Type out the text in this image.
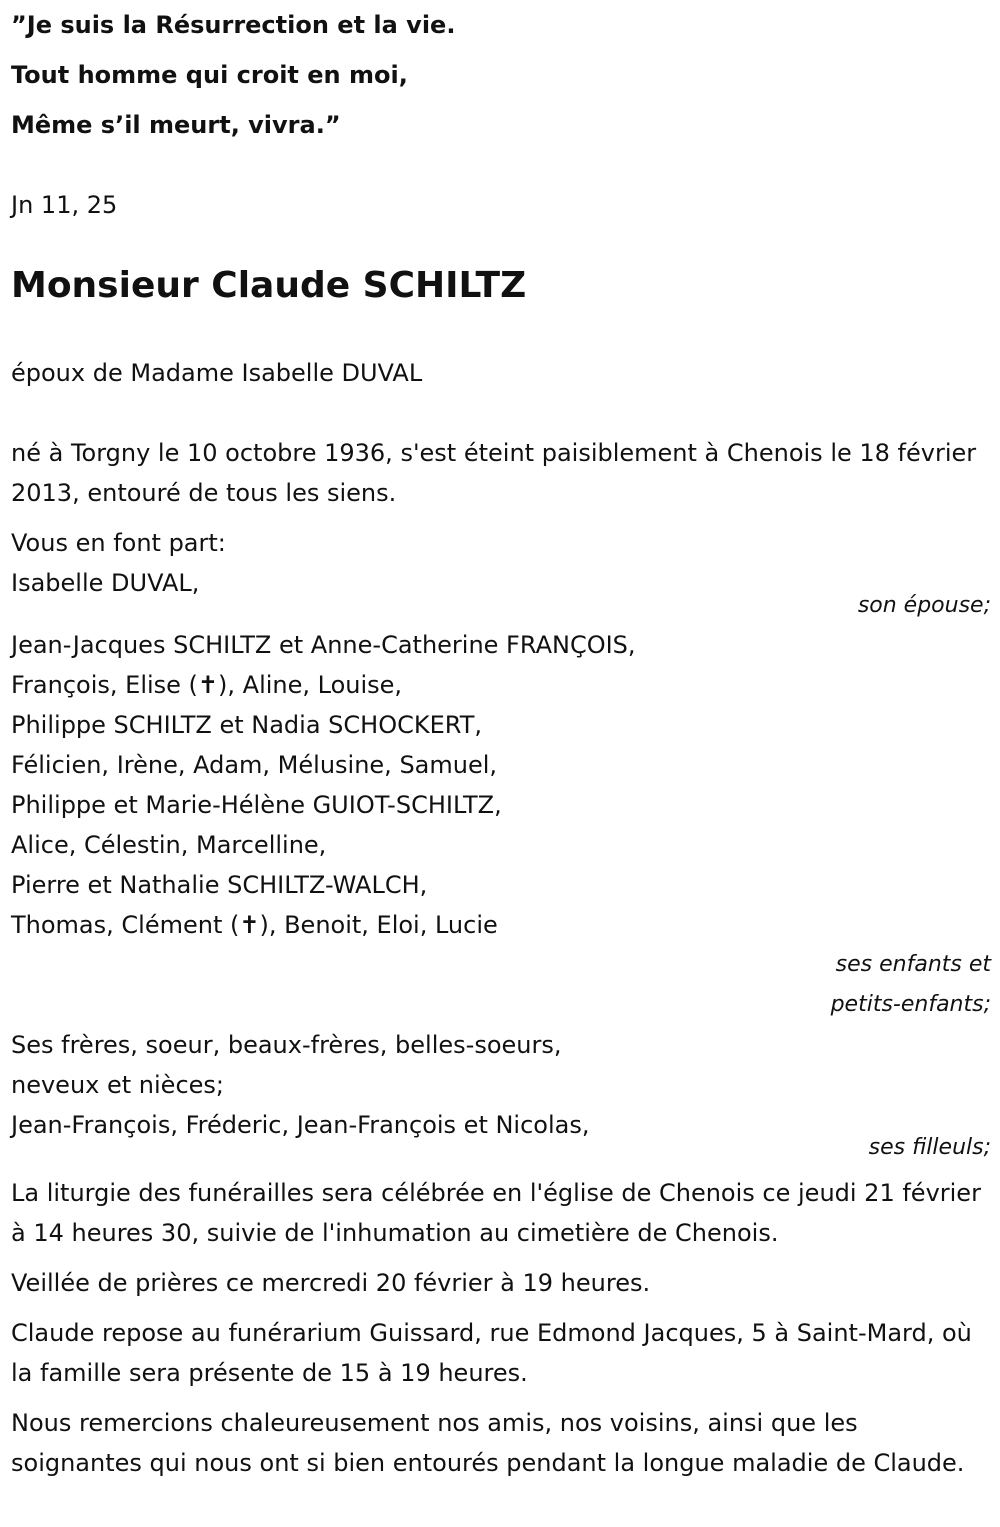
”Je suis la Résurrection et la vie.

Tout homme qui croit en moi,

Même s’il meurt, vivra.”

Jn 11, 25

Monsieur Claude SCHILTZ

époux de Madame Isabelle DUVAL

né à Torgny le 10 octobre 1936, s'est éteint paisiblement à Chenois le 18 février 2013, entouré de tous les siens.

Vous en font part:

Isabelle DUVAL,

son épouse;

Jean-Jacques SCHILTZ et Anne-Catherine FRANÇOIS,

François, Elise (✝), Aline, Louise,

Philippe SCHILTZ et Nadia SCHOCKERT,

Félicien, Irène, Adam, Mélusine, Samuel,

Philippe et Marie-Hélène GUIOT-SCHILTZ,

Alice, Célestin, Marcelline,

Pierre et Nathalie SCHILTZ-WALCH,

Thomas, Clément (✝), Benoit, Eloi, Lucie

ses enfants et

petits-enfants;

Ses frères, soeur, beaux-frères, belles-soeurs,

neveux et nièces;

Jean-François, Fréderic, Jean-François et Nicolas,

ses filleuls;

La liturgie des funérailles sera célébrée en l'église de Chenois ce jeudi 21 février à 14 heures 30, suivie de l'inhumation au cimetière de Chenois.

Veillée de prières ce mercredi 20 février à 19 heures.

Claude repose au funérarium Guissard, rue Edmond Jacques, 5 à Saint-Mard, où la famille sera présente de 15 à 19 heures.

Nous remercions chaleureusement nos amis, nos voisins, ainsi que les soignantes qui nous ont si bien entourés pendant la longue maladie de Claude.
